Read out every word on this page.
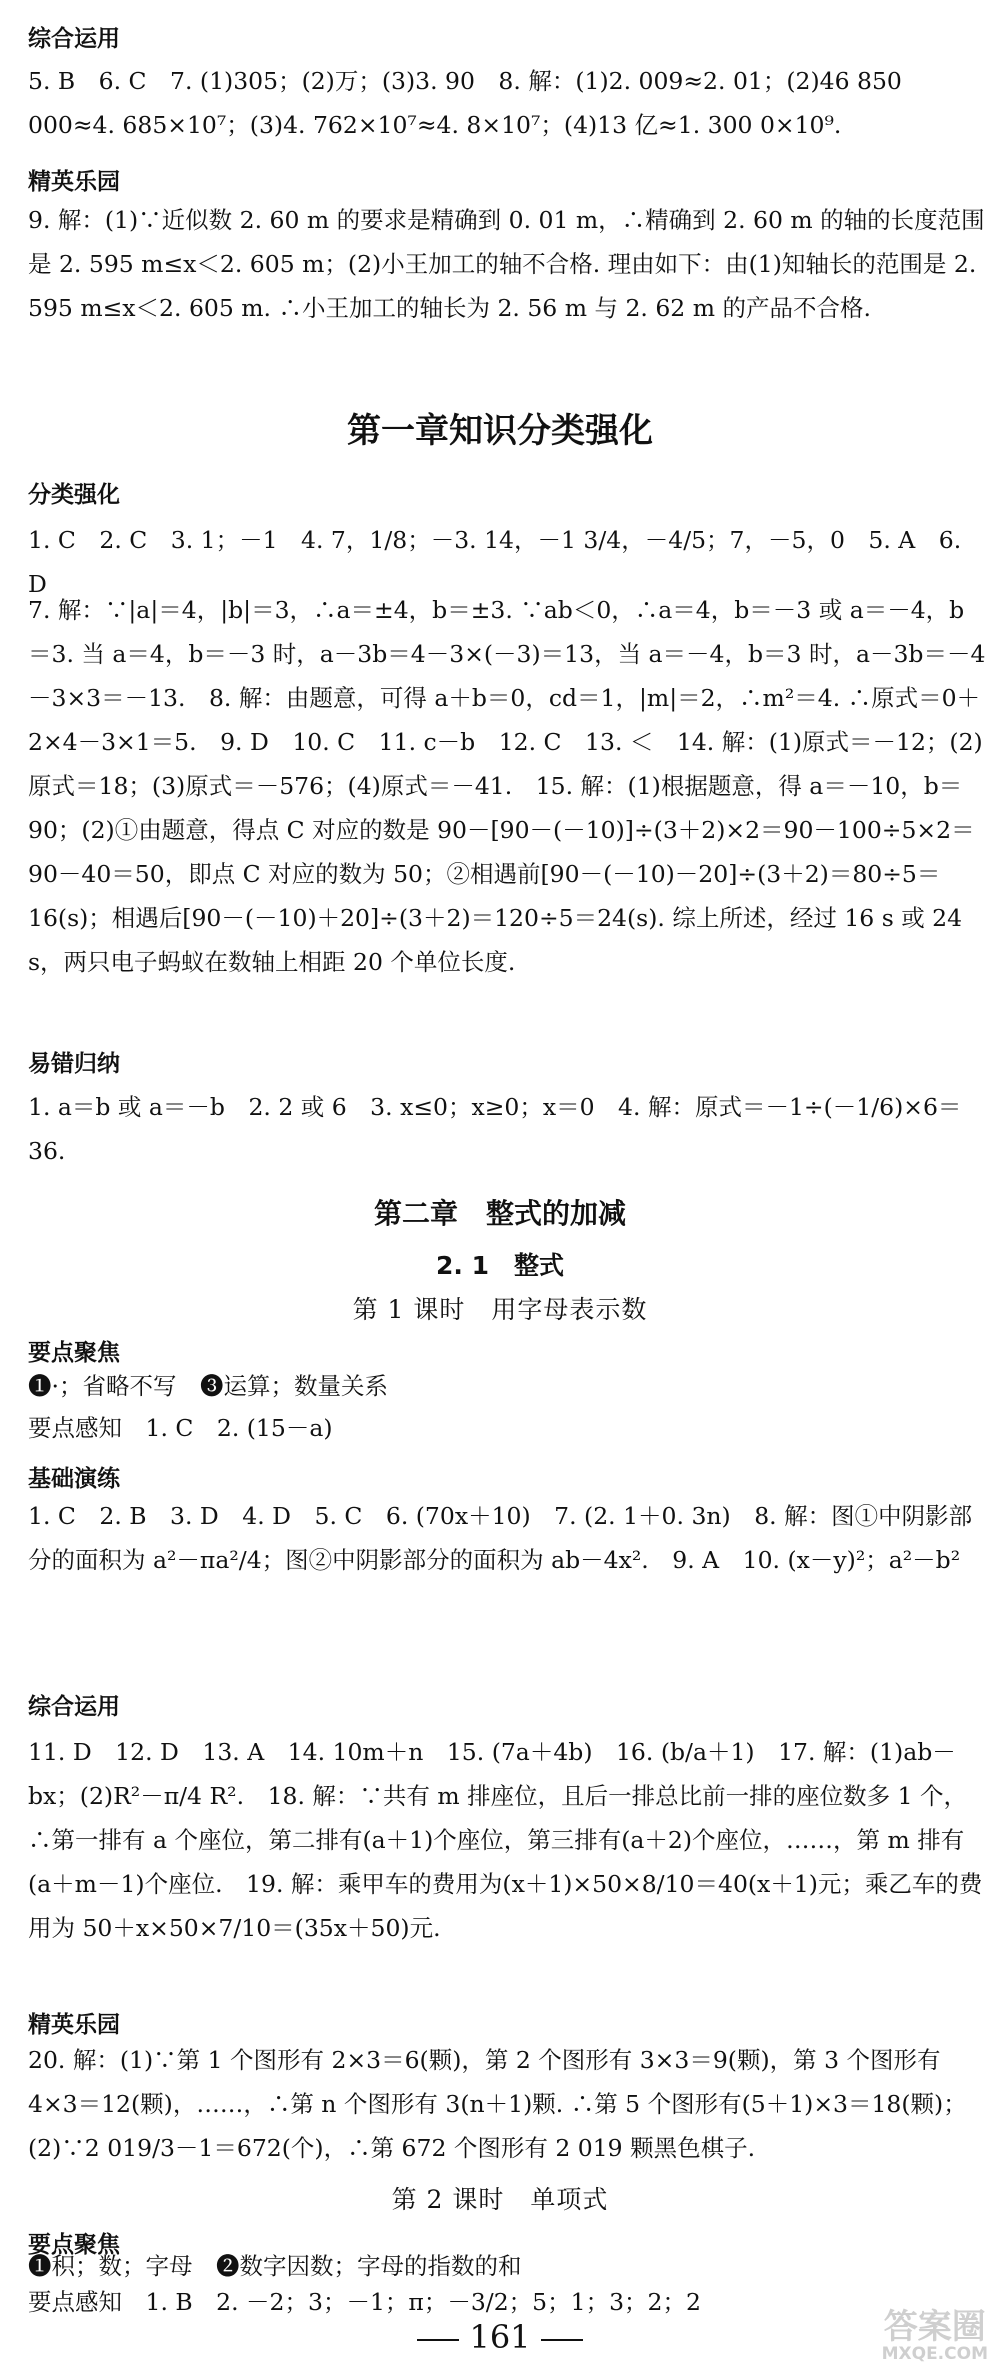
综合运用
5. B　6. C　7. (1)305；(2)万；(3)3. 90　8. 解：(1)2. 009≈2. 01；(2)46 850 000≈4. 685×10⁷；(3)4. 762×10⁷≈4. 8×10⁷；(4)13 亿≈1. 300 0×10⁹.
精英乐园
9. 解：(1)∵近似数 2. 60 m 的要求是精确到 0. 01 m，∴精确到 2. 60 m 的轴的长度范围是 2. 595 m≤x＜2. 605 m；(2)小王加工的轴不合格. 理由如下：由(1)知轴长的范围是 2. 595 m≤x＜2. 605 m. ∴小王加工的轴长为 2. 56 m 与 2. 62 m 的产品不合格.
第一章知识分类强化
分类强化
1. C　2. C　3. 1；－1　4. 7，1/8；－3. 14，－1 3/4，－4/5；7，－5，0　5. A　6. D
7. 解：∵|a|＝4，|b|＝3，∴a＝±4，b＝±3. ∵ab＜0，∴a＝4，b＝－3 或 a＝－4，b＝3. 当 a＝4，b＝－3 时，a－3b＝4－3×(－3)＝13，当 a＝－4，b＝3 时，a－3b＝－4－3×3＝－13.　8. 解：由题意，可得 a＋b＝0，cd＝1，|m|＝2，∴m²＝4. ∴原式＝0＋2×4－3×1＝5.　9. D　10. C　11. c－b　12. C　13. ＜　14. 解：(1)原式＝－12；(2)原式＝18；(3)原式＝－576；(4)原式＝－41.　15. 解：(1)根据题意，得 a＝－10，b＝90；(2)①由题意，得点 C 对应的数是 90－[90－(－10)]÷(3＋2)×2＝90－100÷5×2＝90－40＝50，即点 C 对应的数为 50；②相遇前[90－(－10)－20]÷(3＋2)＝80÷5＝16(s)；相遇后[90－(－10)＋20]÷(3＋2)＝120÷5＝24(s). 综上所述，经过 16 s 或 24 s，两只电子蚂蚁在数轴上相距 20 个单位长度.
易错归纳
1. a＝b 或 a＝－b　2. 2 或 6　3. x≤0；x≥0；x＝0　4. 解：原式＝－1÷(－1/6)×6＝36.
第二章　整式的加减
2. 1　整式
第 1 课时　用字母表示数
要点聚焦
❶·；省略不写　❸运算；数量关系
要点感知　1. C　2. (15－a)
基础演练
1. C　2. B　3. D　4. D　5. C　6. (70x＋10)　7. (2. 1＋0. 3n)　8. 解：图①中阴影部分的面积为 a²－πa²/4；图②中阴影部分的面积为 ab－4x².　9. A　10. (x－y)²；a²－b²
综合运用
11. D　12. D　13. A　14. 10m＋n　15. (7a＋4b)　16. (b/a＋1)　17. 解：(1)ab－bx；(2)R²－π/4 R².　18. 解：∵共有 m 排座位，且后一排总比前一排的座位数多 1 个，∴第一排有 a 个座位，第二排有(a＋1)个座位，第三排有(a＋2)个座位，……，第 m 排有(a＋m－1)个座位.　19. 解：乘甲车的费用为(x＋1)×50×8/10＝40(x＋1)元；乘乙车的费用为 50＋x×50×7/10＝(35x＋50)元.
精英乐园
20. 解：(1)∵第 1 个图形有 2×3＝6(颗)，第 2 个图形有 3×3＝9(颗)，第 3 个图形有 4×3＝12(颗)，……，∴第 n 个图形有 3(n＋1)颗. ∴第 5 个图形有(5＋1)×3＝18(颗)；(2)∵2 019/3－1＝672(个)，∴第 672 个图形有 2 019 颗黑色棋子.
第 2 课时　单项式
要点聚焦
❶积；数；字母　❷数字因数；字母的指数的和
要点感知　1. B　2. －2；3；－1；π；－3/2；5；1；3；2；2
161	答案圈
MXQE.COM
